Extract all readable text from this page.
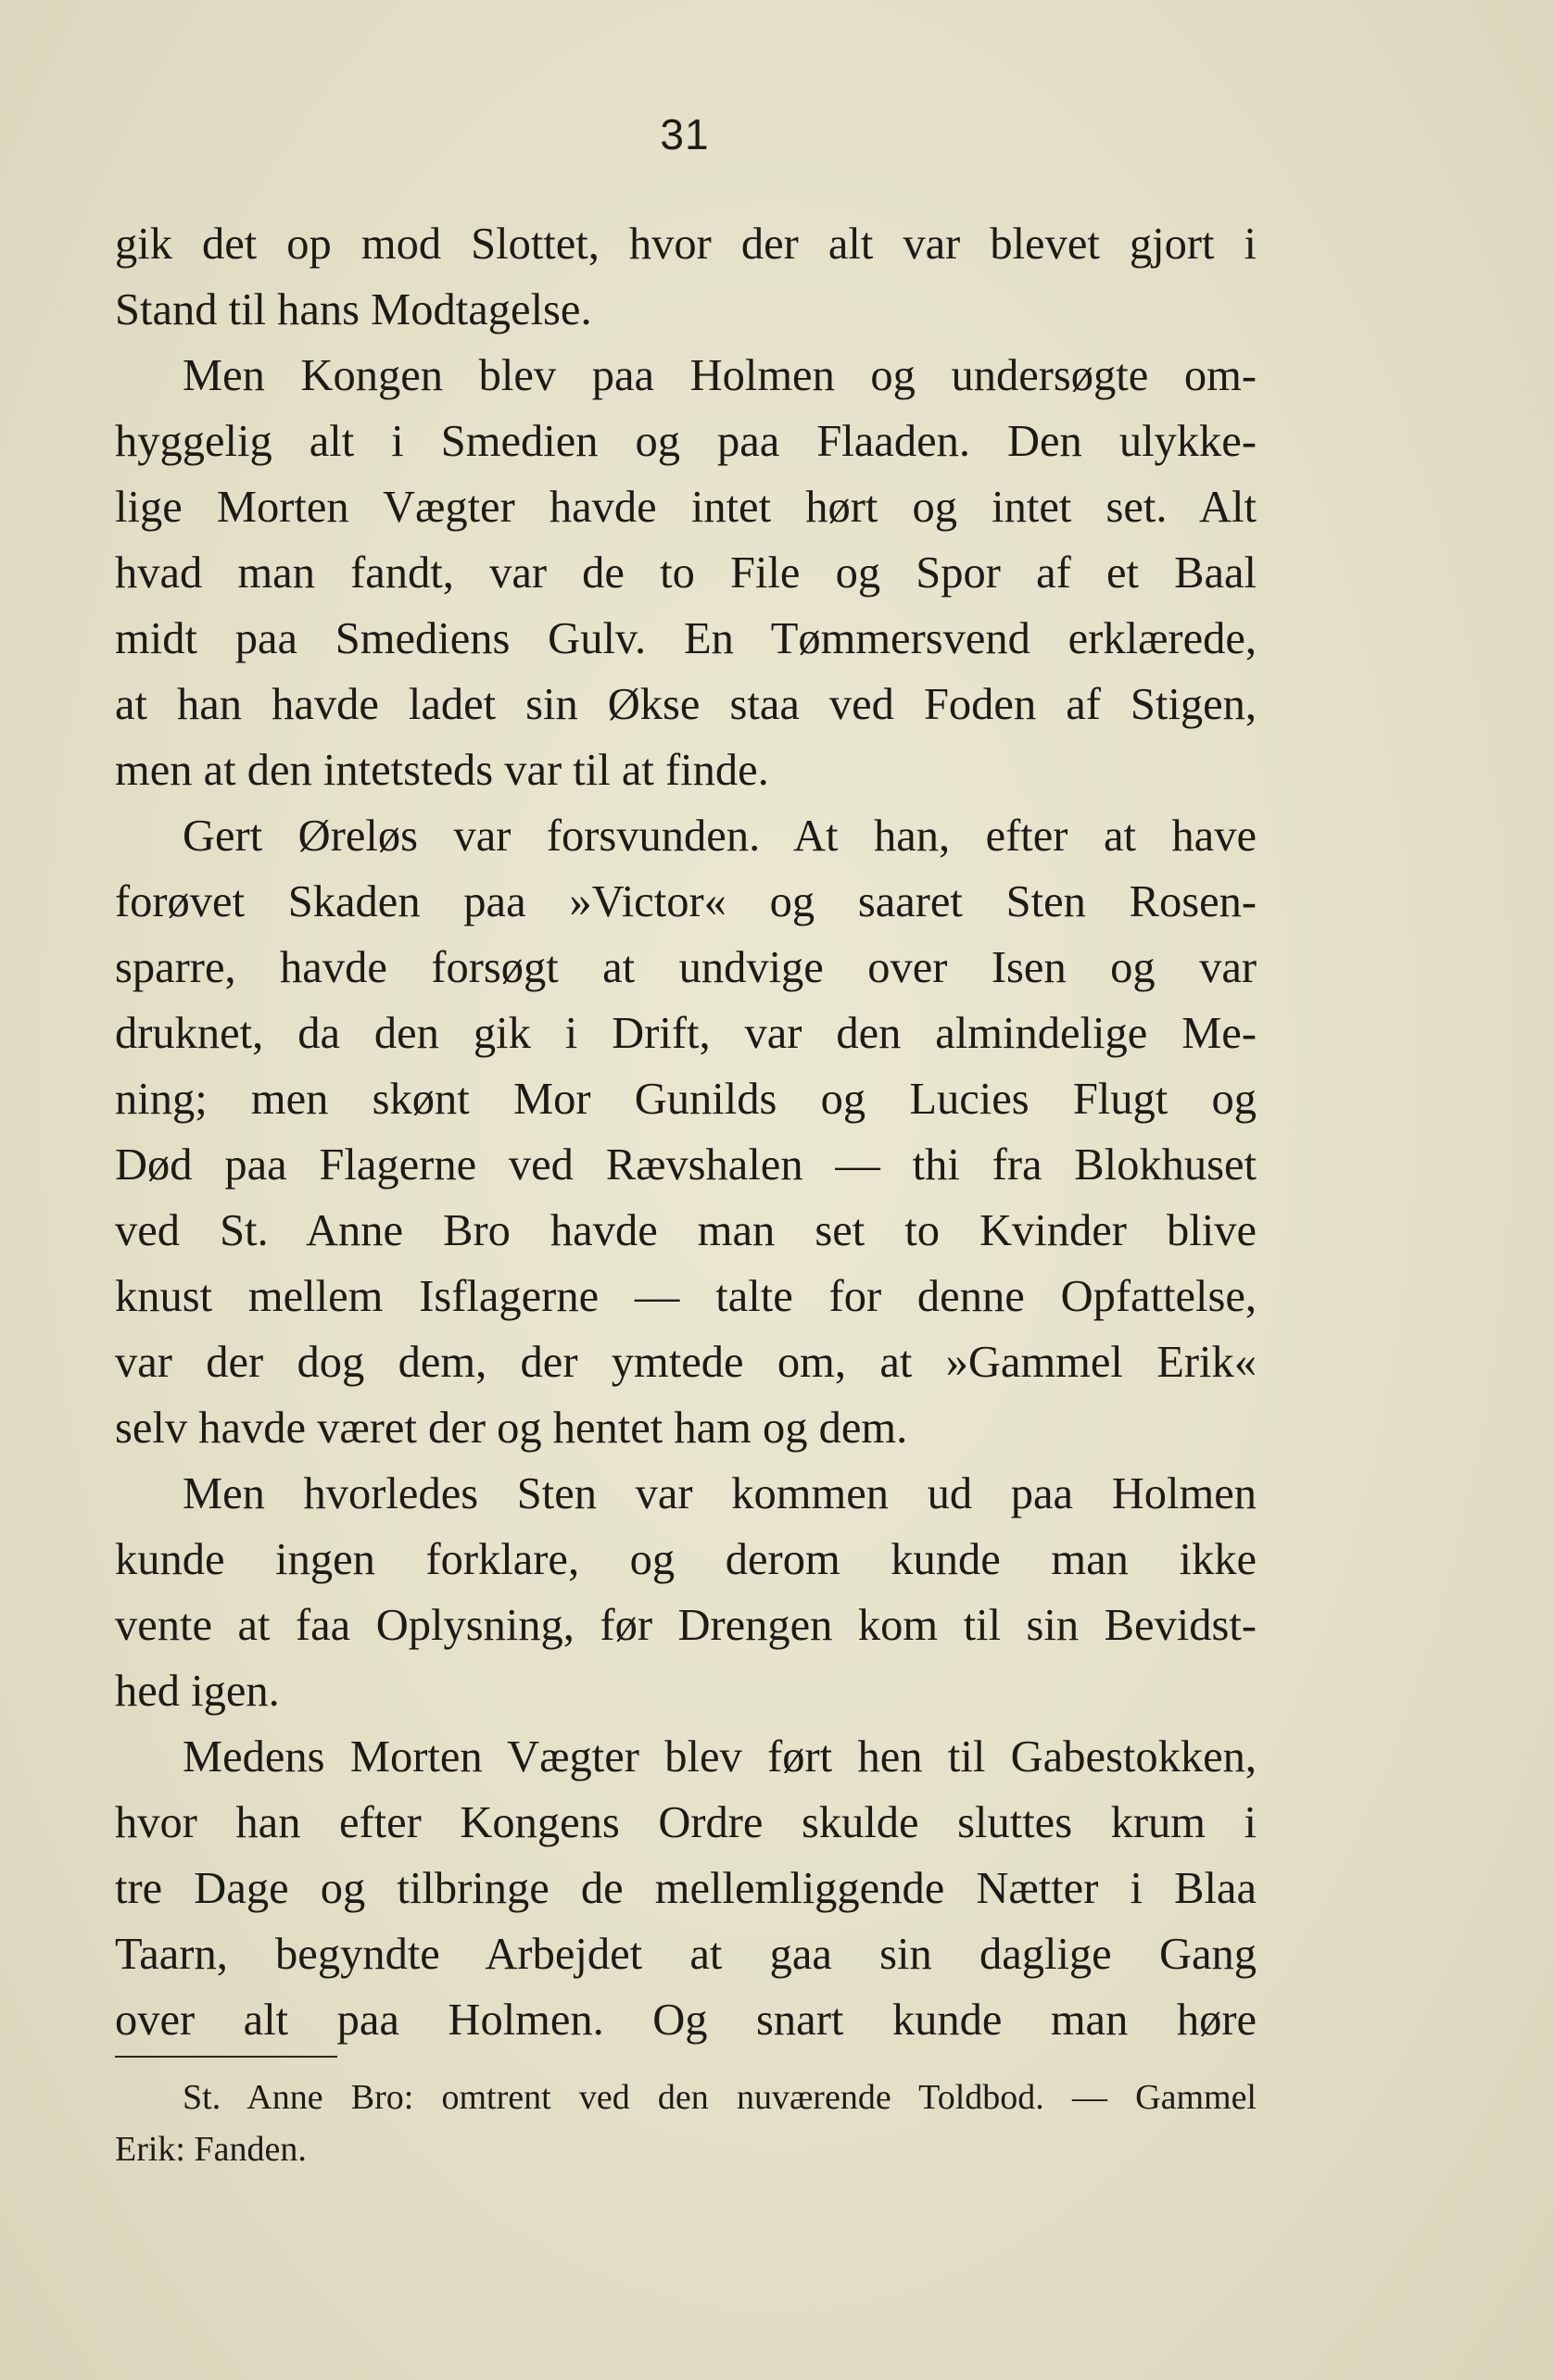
31
gik det op mod Slottet, hvor der alt var blevet gjort i
Stand til hans Modtagelse.
Men Kongen blev paa Holmen og undersøgte om-
hyggelig alt i Smedien og paa Flaaden. Den ulykke-
lige Morten Vægter havde intet hørt og intet set. Alt
hvad man fandt, var de to File og Spor af et Baal
midt paa Smediens Gulv. En Tømmersvend erklærede,
at han havde ladet sin Økse staa ved Foden af Stigen,
men at den intetsteds var til at finde.
Gert Øreløs var forsvunden. At han, efter at have
forøvet Skaden paa »Victor« og saaret Sten Rosen-
sparre, havde forsøgt at undvige over Isen og var
druknet, da den gik i Drift, var den almindelige Me-
ning; men skønt Mor Gunilds og Lucies Flugt og
Død paa Flagerne ved Rævshalen — thi fra Blokhuset
ved St. Anne Bro havde man set to Kvinder blive
knust mellem Isflagerne — talte for denne Opfattelse,
var der dog dem, der ymtede om, at »Gammel Erik«
selv havde været der og hentet ham og dem.
Men hvorledes Sten var kommen ud paa Holmen
kunde ingen forklare, og derom kunde man ikke
vente at faa Oplysning, før Drengen kom til sin Bevidst-
hed igen.
Medens Morten Vægter blev ført hen til Gabestokken,
hvor han efter Kongens Ordre skulde sluttes krum i
tre Dage og tilbringe de mellemliggende Nætter i Blaa
Taarn, begyndte Arbejdet at gaa sin daglige Gang
over alt paa Holmen. Og snart kunde man høre
St. Anne Bro: omtrent ved den nuværende Toldbod. — Gammel
Erik: Fanden.
